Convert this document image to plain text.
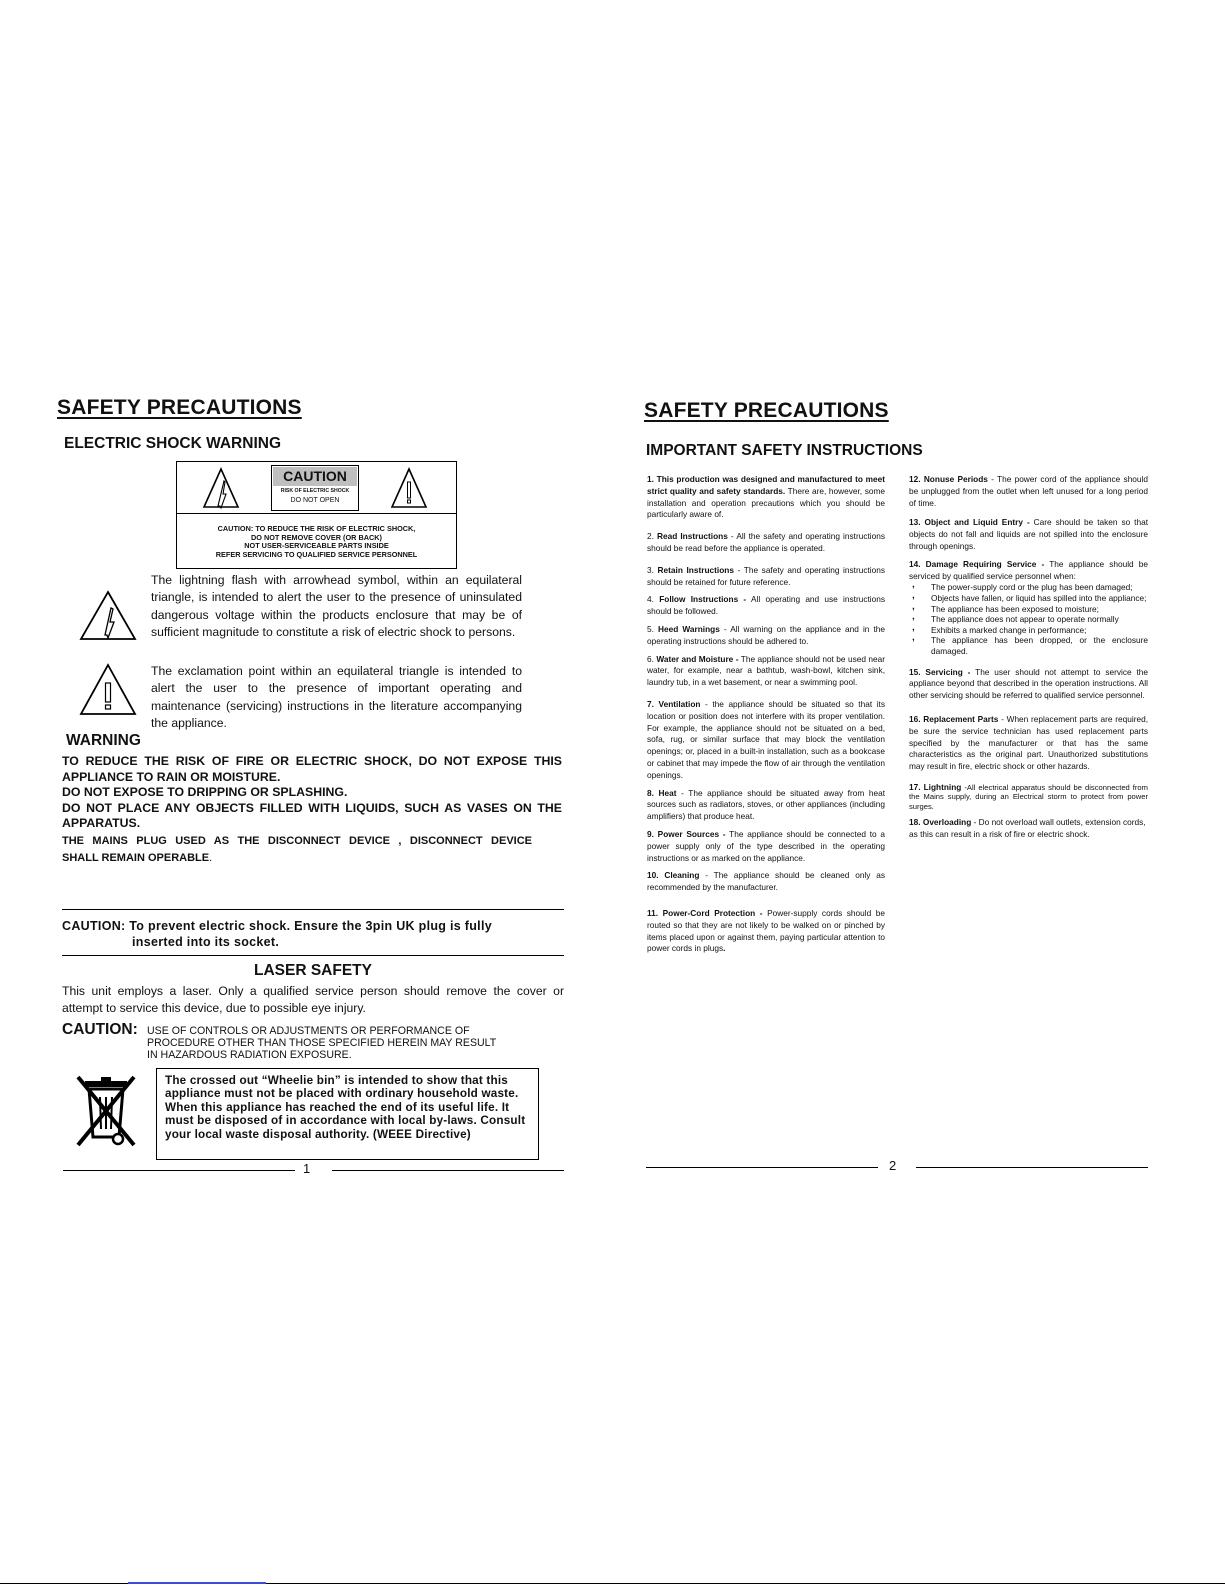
SAFETY PRECAUTIONS
ELECTRIC SHOCK WARNING
CAUTION
RISK OF ELECTRIC SHOCK
DO NOT OPEN
CAUTION: TO REDUCE THE RISK OF ELECTRIC SHOCK,
DO NOT REMOVE COVER (OR BACK)
NOT USER-SERVICEABLE PARTS INSIDE
REFER SERVICING TO QUALIFIED SERVICE PERSONNEL
The lightning flash with arrowhead symbol, within an equilateral triangle, is intended to alert the user to the presence of uninsulated dangerous voltage within the products enclosure that may be of sufficient magnitude to constitute a risk of electric shock to persons.
The exclamation point within an equilateral triangle is intended to alert the user to the presence of important operating and maintenance (servicing) instructions in the literature accompanying the appliance.
WARNING
TO REDUCE THE RISK OF FIRE OR ELECTRIC SHOCK, DO NOT EXPOSE THIS
APPLIANCE TO RAIN OR MOISTURE.
DO NOT EXPOSE TO DRIPPING OR SPLASHING.
DO NOT PLACE ANY OBJECTS FILLED WITH LIQUIDS, SUCH AS VASES ON THE
APPARATUS.
THE MAINS PLUG USED AS THE DISCONNECT DEVICE , DISCONNECT DEVICE
SHALL REMAIN OPERABLE.
CAUTION: To prevent electric shock. Ensure the 3pin UK plug is fully
inserted into its socket.
LASER SAFETY
This unit employs a laser. Only a qualified service person should remove the cover or attempt to service this device, due to possible eye injury.
CAUTION: USE OF CONTROLS OR ADJUSTMENTS OR PERFORMANCE OF
PROCEDURE OTHER THAN THOSE SPECIFIED HEREIN MAY RESULT
IN HAZARDOUS RADIATION EXPOSURE.
The crossed out “Wheelie bin” is intended to show that this appliance must not be placed with ordinary household waste. When this appliance has reached the end of its useful life. It must be disposed of in accordance with local by-laws. Consult your local waste disposal authority. (WEEE Directive)
1
SAFETY PRECAUTIONS
IMPORTANT SAFETY INSTRUCTIONS

1. This production was designed and manufactured to meet strict quality and safety standards. There are, however, some installation and operation precautions which you should be particularly aware of.

2. Read Instructions - All the safety and operating instructions should be read before the appliance is operated.

3. Retain Instructions - The safety and operating instructions should be retained for future reference.

4. Follow Instructions - All operating and use instructions should be followed.

5. Heed Warnings - All warning on the appliance and in the operating instructions should be adhered to.

6. Water and Moisture - The appliance should not be used near water, for example, near a bathtub, wash-bowl, kitchen sink, laundry tub, in a wet basement, or near a swimming pool.

7. Ventilation - the appliance should be situated so that its location or position does not interfere with its proper ventilation. For example, the appliance should not be situated on a bed, sofa, rug, or similar surface that may block the ventilation openings; or, placed in a built-in installation, such as a bookcase or cabinet that may impede the flow of air through the ventilation openings.

8. Heat - The appliance should be situated away from heat sources such as radiators, stoves, or other appliances (including amplifiers) that produce heat.

9. Power Sources - The appliance should be connected to a power supply only of the type described in the operating instructions or as marked on the appliance.

10. Cleaning - The appliance should be cleaned only as recommended by the manufacturer.

11. Power-Cord Protection - Power-supply cords should be routed so that they are not likely to be walked on or pinched by items placed upon or against them, paying particular attention to power cords in plugs.

12. Nonuse Periods - The power cord of the appliance should be unplugged from the outlet when left unused for a long period of time.

13. Object and Liquid Entry - Care should be taken so that objects do not fall and liquids are not spilled into the enclosure through openings.

14. Damage Requiring Service - The appliance should be serviced by qualified service personnel when:

‚ The power-supply cord or the plug has been damaged;
‚ Objects have fallen, or liquid has spilled into the appliance;
‚ The appliance has been exposed to moisture;
‚ The appliance does not appear to operate normally
‚ Exhibits a marked change in performance;
‚ The appliance has been dropped, or the enclosure damaged.

15. Servicing - The user should not attempt to service the appliance beyond that described in the operation instructions. All other servicing should be referred to qualified service personnel.

16. Replacement Parts - When replacement parts are required, be sure the service technician has used replacement parts specified by the manufacturer or that has the same characteristics as the original part. Unauthorized substitutions may result in fire, electric shock or other hazards.

17. Lightning -All electrical apparatus should be disconnected from the Mains supply, during an Electrical storm to protect from power surges.

18. Overloading - Do not overload wall outlets, extension cords, as this can result in a risk of fire or electric shock.

2
